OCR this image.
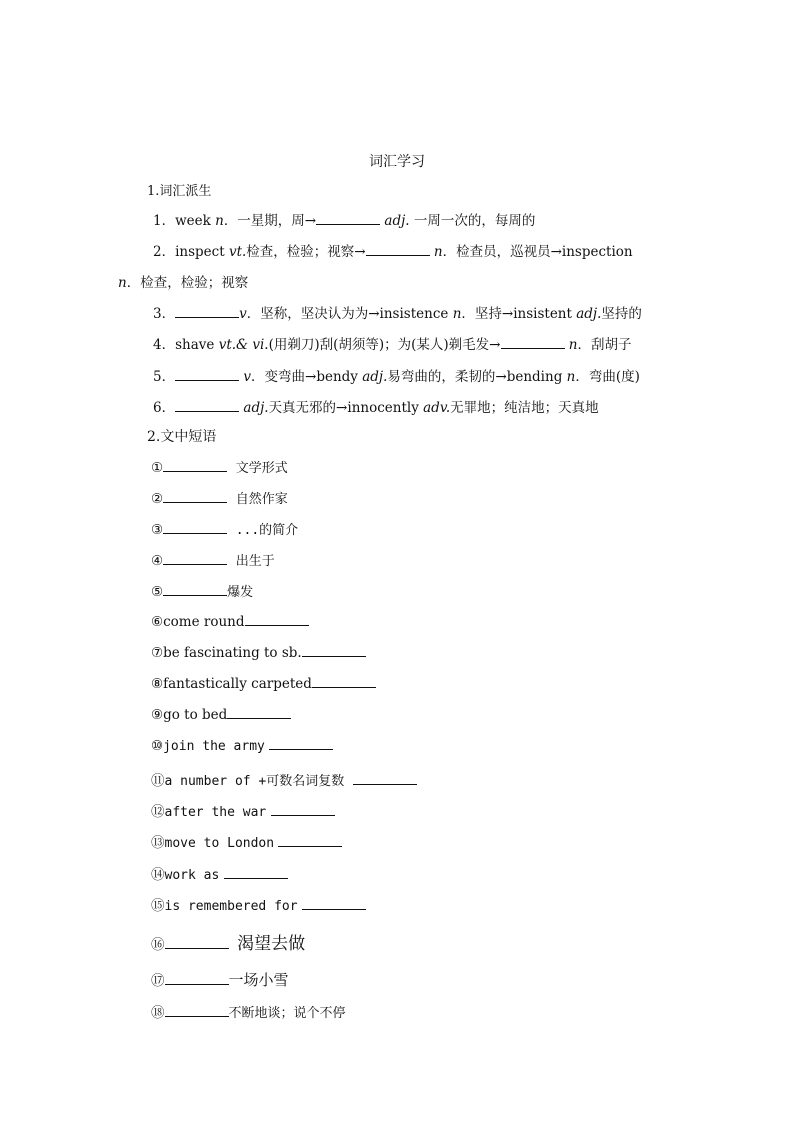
词汇学习
1.词汇派生
1．week n．一星期，周→	adj. 一周一次的，每周的
2．inspect vt.检查，检验；视察→	n．检查员，巡视员→inspection
n．检查，检验；视察
3．	v．坚称，坚决认为为→insistence n．坚持→insistent adj.坚持的
4．shave vt.& vi.(用剃刀)刮(胡须等)；为(某人)剃毛发→	n．刮胡子
5．	v．变弯曲→bendy adj.易弯曲的，柔韧的→bending n．弯曲(度)
6．	adj.天真无邪的→innocently adv.无罪地；纯洁地；天真地
2.文中短语
①	文学形式
②	自然作家
③	...的简介
④	出生于
⑤	爆发
⑥come round
⑦be fascinating to sb.
⑧fantastically carpeted
⑨go to bed
⑩join the army
⑪a number of +可数名词复数
⑫after the war
⑬move to London
⑭work as
⑮is remembered for
⑯	渴望去做
⑰	一场小雪
⑱	不断地谈；说个不停
